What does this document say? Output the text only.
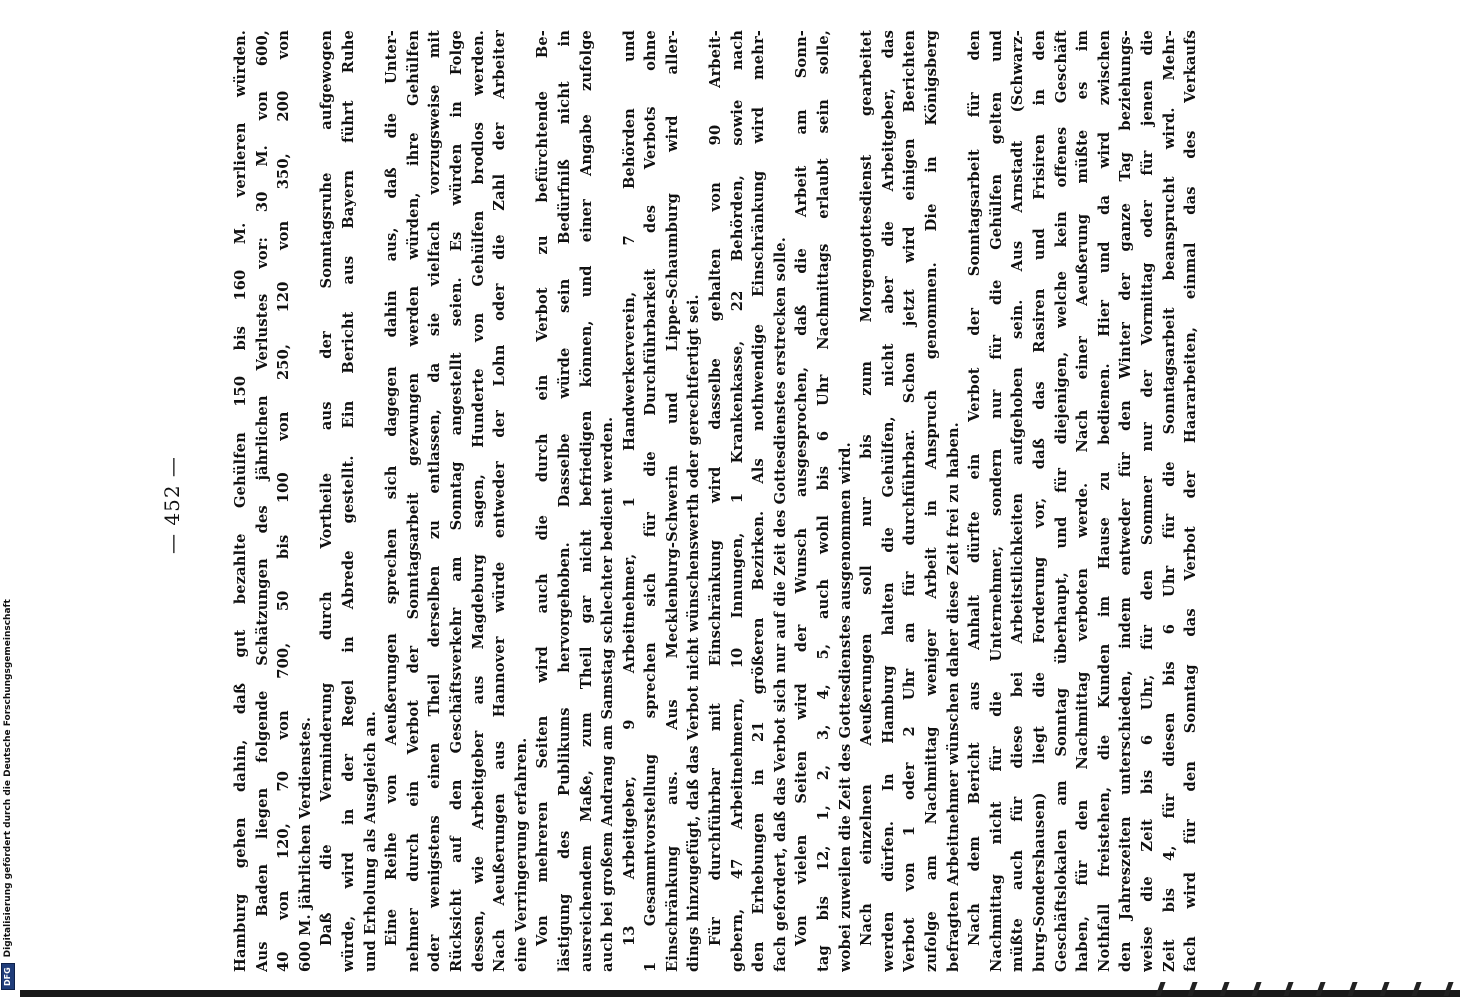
— 452 —	Hamburg gehen dahin, daß gut bezahlte Gehülfen 150 bis 160 M. verlieren würden. Aus Baden liegen folgende Schätzungen des jährlichen Verlustes vor: 30 M. von 600, 40 von 120, 70 von 700, 50 bis 100 von 250, 120 von 350, 200 von 600 M. jährlichen Verdienstes. Daß die Verminderung durch Vortheile aus der Sonntagsruhe aufgewogen würde, wird in der Regel in Abrede gestellt. Ein Bericht aus Bayern führt Ruhe und Erholung als Ausgleich an. Eine Reihe von Aeußerungen sprechen sich dagegen dahin aus, daß die Unter- nehmer durch ein Verbot der Sonntagsarbeit gezwungen werden würden, ihre Gehülfen oder wenigstens einen Theil derselben zu entlassen, da sie vielfach vorzugsweise mit Rücksicht auf den Geschäftsverkehr am Sonntag angestellt seien. Es würden in Folge dessen, wie Arbeitgeber aus Magdeburg sagen, Hunderte von Gehülfen brodlos werden. Nach Aeußerungen aus Hannover würde entweder der Lohn oder die Zahl der Arbeiter eine Verringerung erfahren. Von mehreren Seiten wird auch die durch ein Verbot zu befürchtende Be- lästigung des Publikums hervorgehoben. Dasselbe würde sein Bedürfniß nicht in ausreichendem Maße, zum Theil gar nicht befriedigen können, und einer Angabe zufolge auch bei großem Andrang am Samstag schlechter bedient werden. 13 Arbeitgeber, 9 Arbeitnehmer, 1 Handwerkerverein, 7 Behörden und 1 Gesammtvorstellung sprechen sich für die Durchführbarkeit des Verbots ohne Einschränkung aus. Aus Mecklenburg-Schwerin und Lippe-Schaumburg wird aller- dings hinzugefügt, daß das Verbot nicht wünschenswerth oder gerechtfertigt sei. Für durchführbar mit Einschränkung wird dasselbe gehalten von 90 Arbeit- gebern, 47 Arbeitnehmern, 10 Innungen, 1 Krankenkasse, 22 Behörden, sowie nach den Erhebungen in 21 größeren Bezirken. Als nothwendige Einschränkung wird mehr- fach gefordert, daß das Verbot sich nur auf die Zeit des Gottesdienstes erstrecken solle. Von vielen Seiten wird der Wunsch ausgesprochen, daß die Arbeit am Sonn- tag bis 12, 1, 2, 3, 4, 5, auch wohl bis 6 Uhr Nachmittags erlaubt sein solle, wobei zuweilen die Zeit des Gottesdienstes ausgenommen wird. Nach einzelnen Aeußerungen soll nur bis zum Morgengottesdienst gearbeitet werden dürfen. In Hamburg halten die Gehülfen, nicht aber die Arbeitgeber, das Verbot von 1 oder 2 Uhr an für durchführbar. Schon jetzt wird einigen Berichten zufolge am Nachmittag weniger Arbeit in Anspruch genommen. Die in Königsberg befragten Arbeitnehmer wünschen daher diese Zeit frei zu haben. Nach dem Bericht aus Anhalt dürfte ein Verbot der Sonntagsarbeit für den Nachmittag nicht für die Unternehmer, sondern nur für die Gehülfen gelten und müßte auch für diese bei Arbeitstlichkeiten aufgehoben sein. Aus Arnstadt (Schwarz- burg-Sondershausen) liegt die Forderung vor, daß das Rasiren und Frisiren in den Geschäftslokalen am Sonntag überhaupt, und für diejenigen, welche kein offenes Geschäft haben, für den Nachmittag verboten werde. Nach einer Aeußerung müßte es im Nothfall freistehen, die Kunden im Hause zu bedienen. Hier und da wird zwischen den Jahreszeiten unterschieden, indem entweder für den Winter der ganze Tag beziehungs- weise die Zeit bis 6 Uhr, für den Sommer nur der Vormittag oder für jenen die Zeit bis 4, für diesen bis 6 Uhr für die Sonntagsarbeit beansprucht wird. Mehr- fach wird für den Sonntag das Verbot der Haararbeiten, einmal das des Verkaufs
DFG
Digitalisierung gefördert durch die Deutsche Forschungsgemeinschaft
